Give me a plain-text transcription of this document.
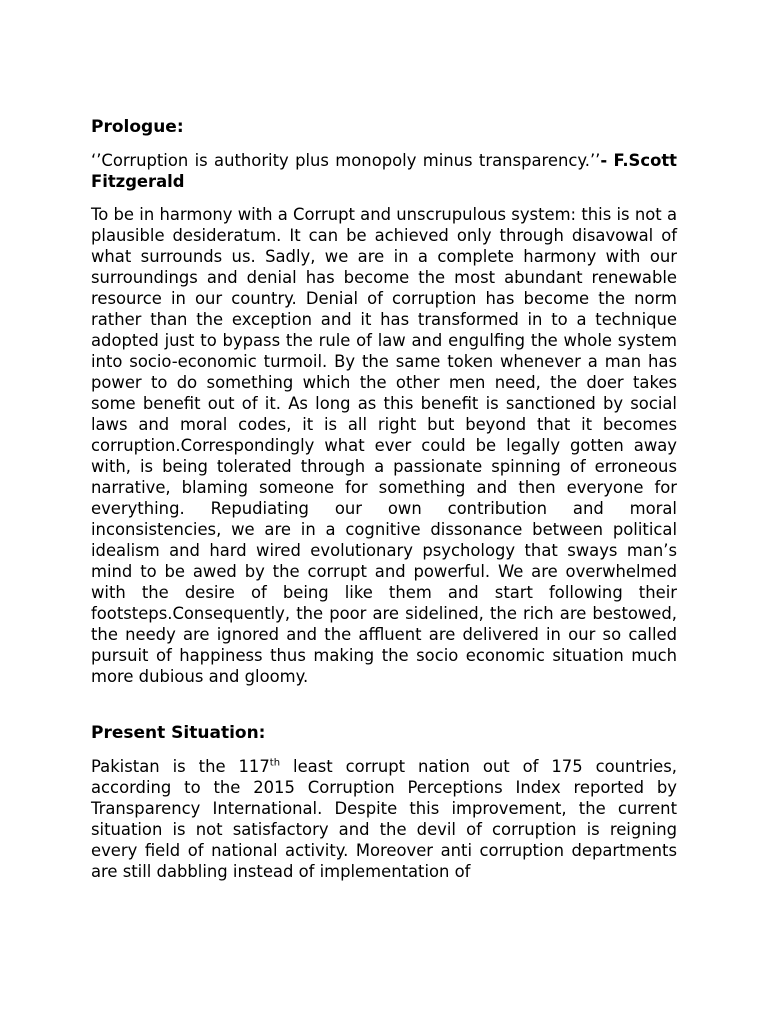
Prologue:
‘’Corruption is authority plus monopoly minus transparency.’’- F.Scott Fitzgerald
To be in harmony with a Corrupt and unscrupulous system: this is not a plausible desideratum. It can be achieved only through disavowal of what surrounds us. Sadly, we are in a complete harmony with our surroundings and denial has become the most abundant renewable resource in our country. Denial of corruption has become the norm rather than the exception and it has transformed in to a technique adopted just to bypass the rule of law and engulfing the whole system into socio-economic turmoil. By the same token whenever a man has power to do something which the other men need, the doer takes some benefit out of it. As long as this benefit is sanctioned by social laws and moral codes, it is all right but beyond that it becomes corruption.Correspondingly what ever could be legally gotten away with, is being tolerated through a passionate spinning of erroneous narrative, blaming someone for something and then everyone for everything. Repudiating our own contribution and moral inconsistencies, we are in a cognitive dissonance between political idealism and hard wired evolutionary psychology that sways man’s mind to be awed by the corrupt and powerful. We are overwhelmed with the desire of being like them and start following their footsteps.Consequently, the poor are sidelined, the rich are bestowed, the needy are ignored and the affluent are delivered in our so called pursuit of happiness thus making the socio economic situation much more dubious and gloomy.
Present Situation:
Pakistan is the 117th least corrupt nation out of 175 countries, according to the 2015 Corruption Perceptions Index reported by Transparency International. Despite this improvement, the current situation is not satisfactory and the devil of corruption is reigning every field of national activity. Moreover anti corruption departments are still dabbling instead of implementation of
